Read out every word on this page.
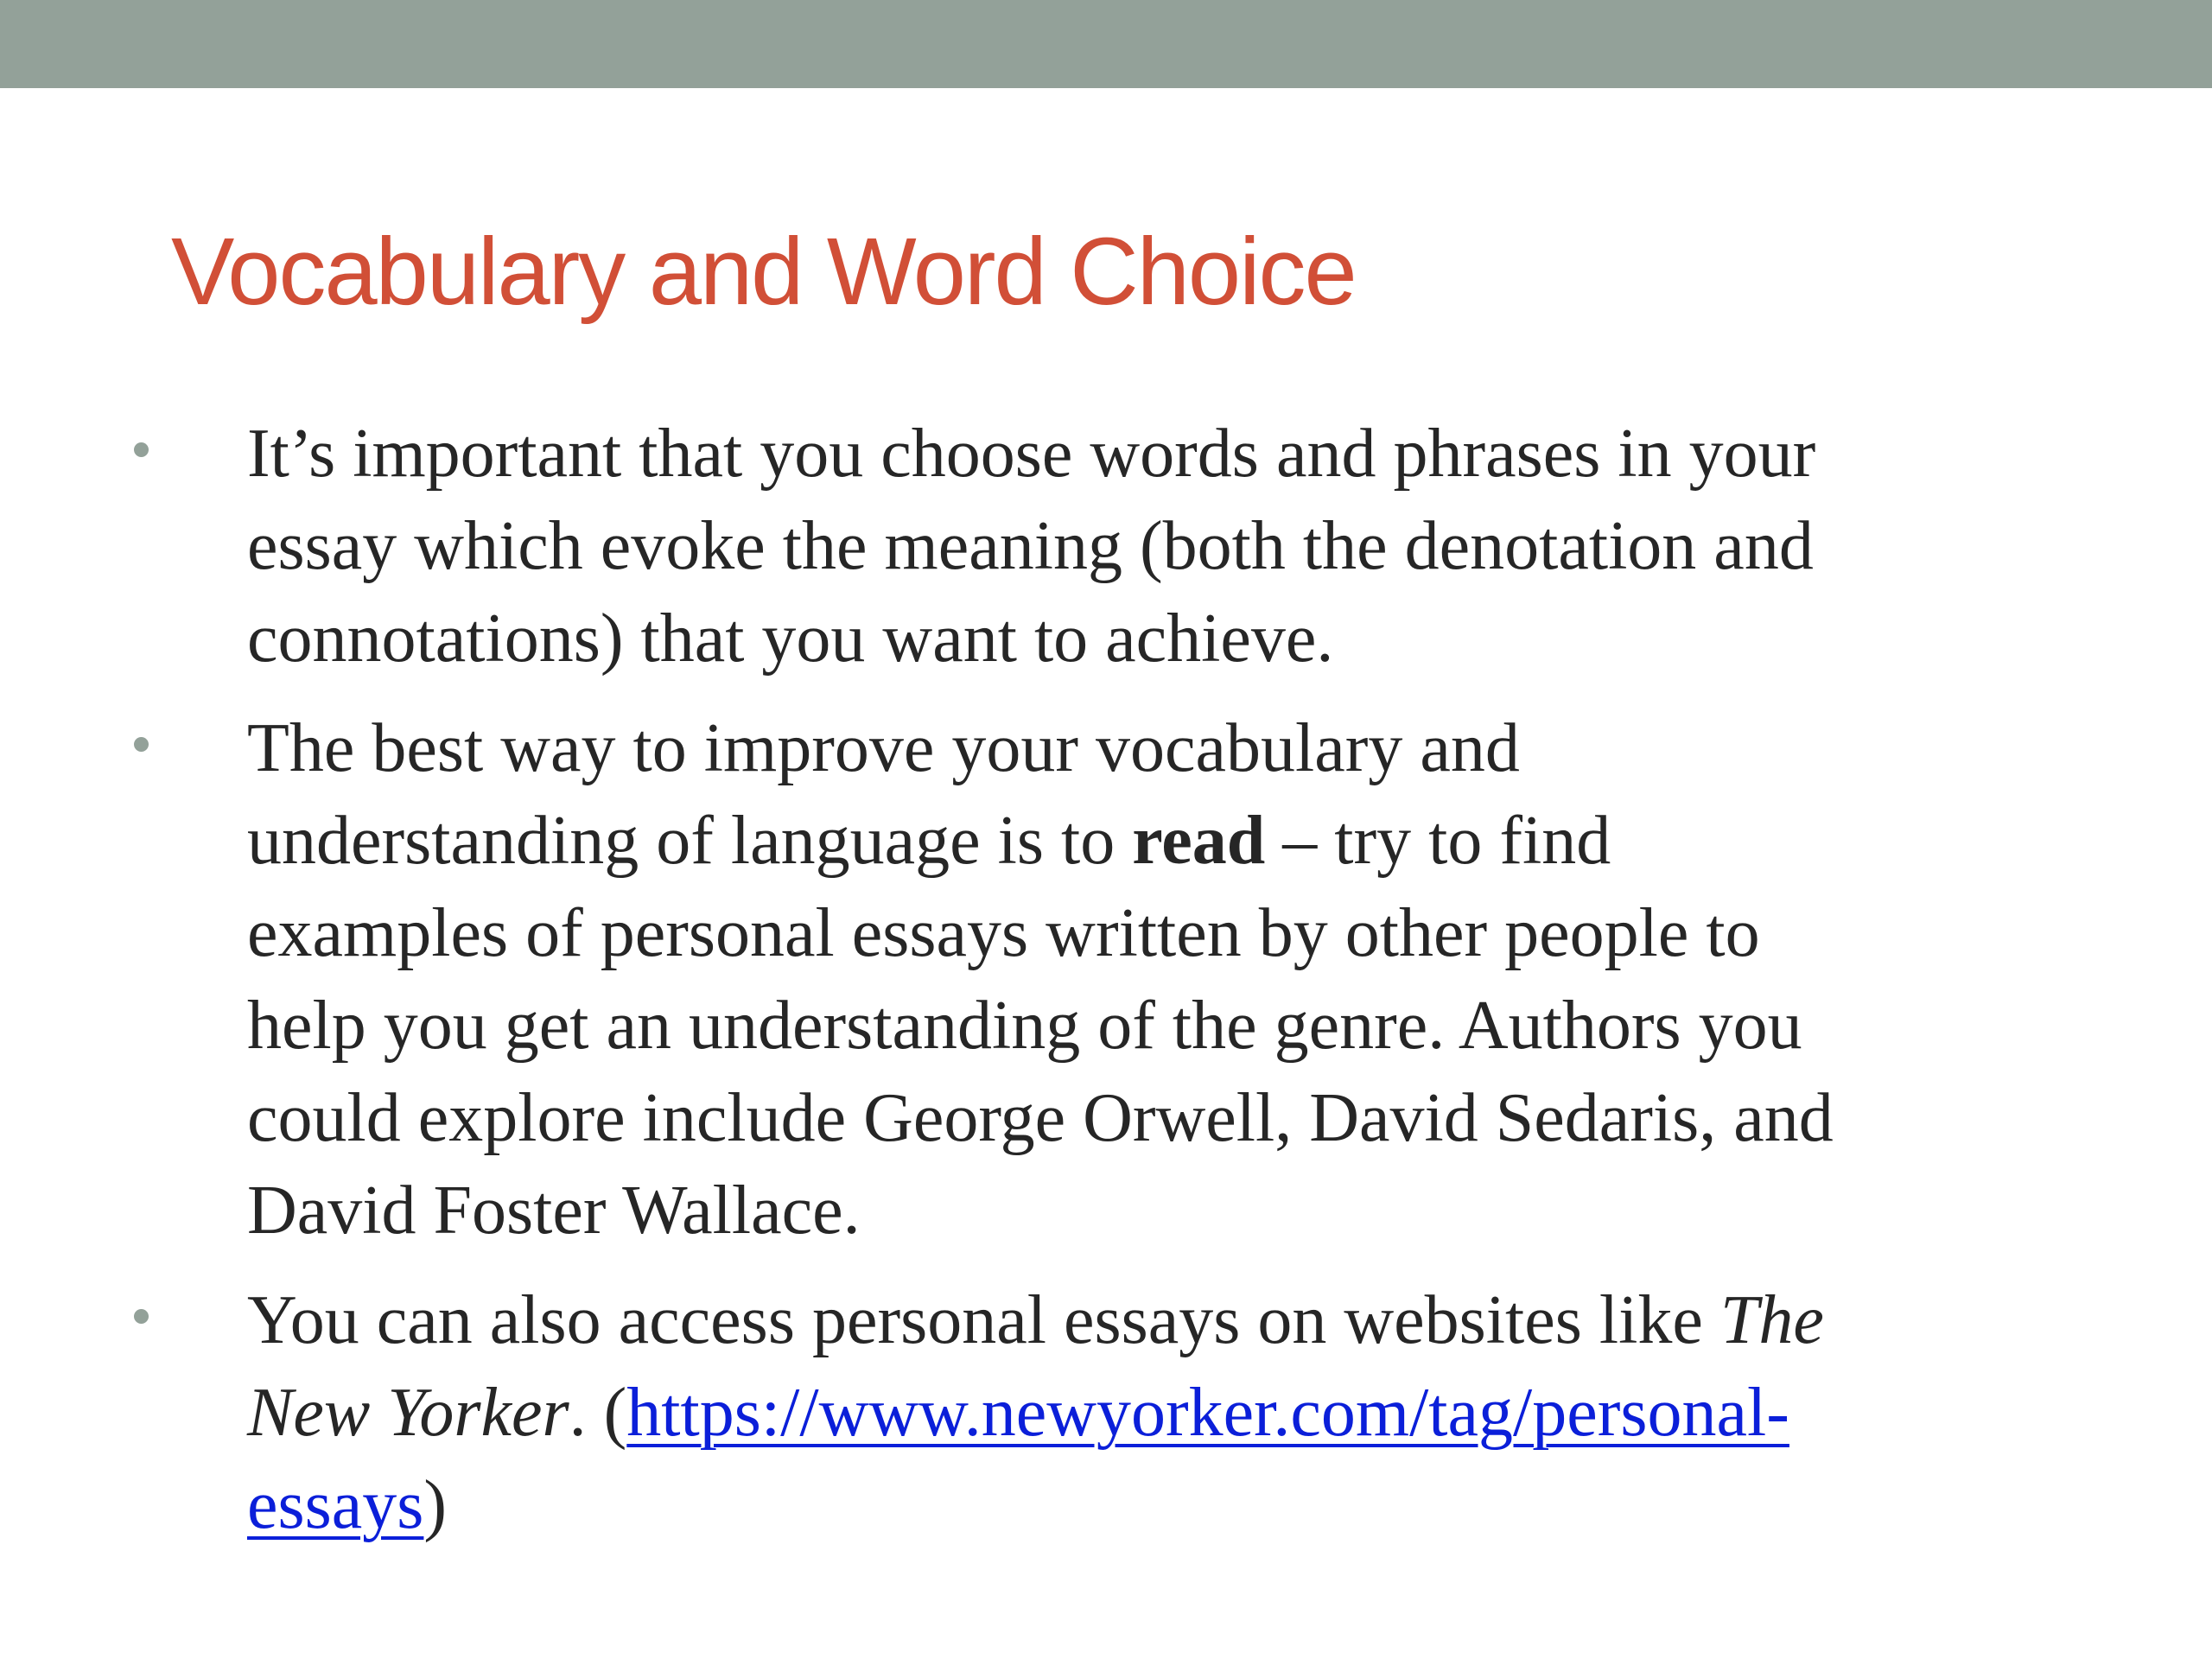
Vocabulary and Word Choice
It’s important that you choose words and phrases in your
essay which evoke the meaning (both the denotation and
connotations) that you want to achieve.
The best way to improve your vocabulary and
understanding of language is to read – try to find
examples of personal essays written by other people to
help you get an understanding of the genre. Authors you
could explore include George Orwell, David Sedaris, and
David Foster Wallace.
You can also access personal essays on websites like The
New Yorker. (https://www.newyorker.com/tag/personal-
essays)
